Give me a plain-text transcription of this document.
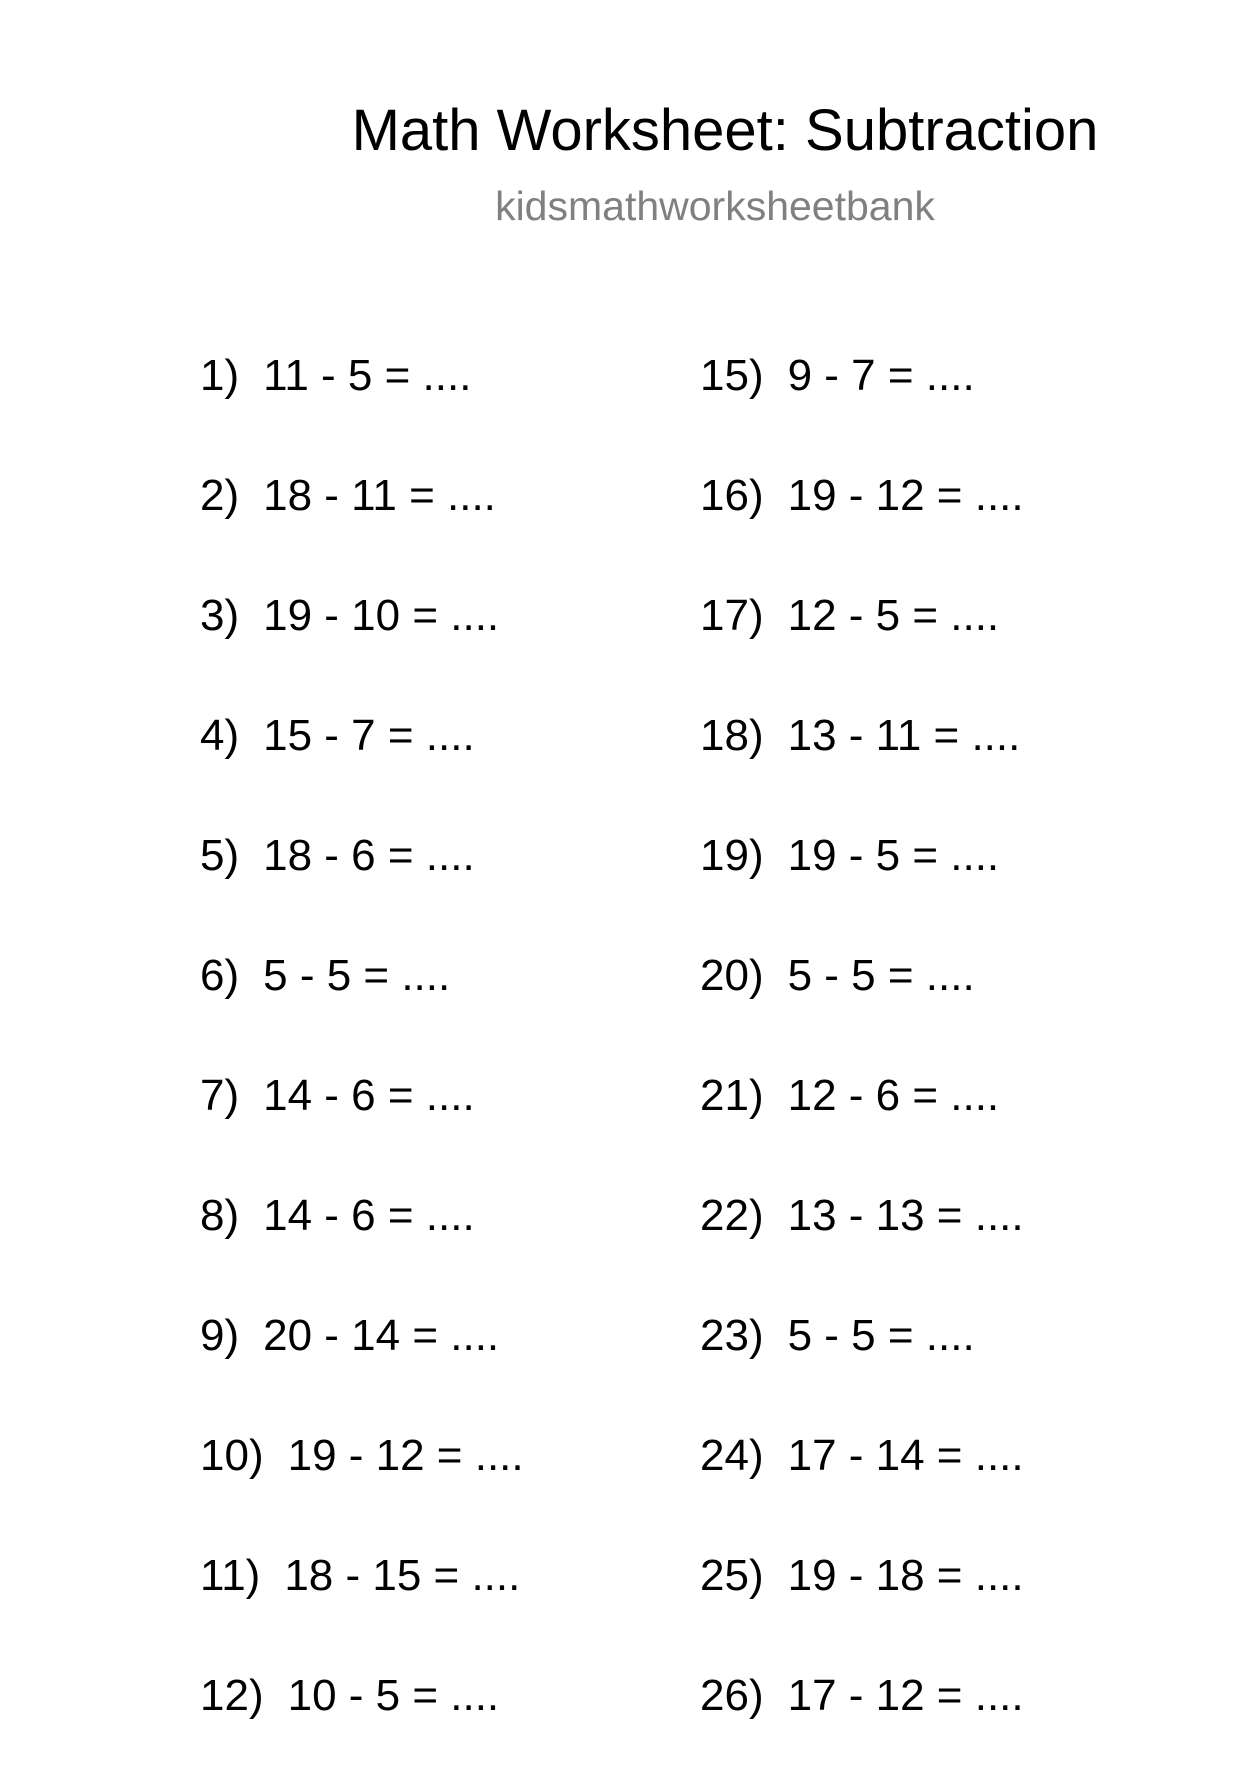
Math Worksheet: Subtraction
kidsmathworksheetbank
1) 11 - 5 = ....
2) 18 - 11 = ....
3) 19 - 10 = ....
4) 15 - 7 = ....
5) 18 - 6 = ....
6) 5 - 5 = ....
7) 14 - 6 = ....
8) 14 - 6 = ....
9) 20 - 14 = ....
10) 19 - 12 = ....
11) 18 - 15 = ....
12) 10 - 5 = ....
15) 9 - 7 = ....
16) 19 - 12 = ....
17) 12 - 5 = ....
18) 13 - 11 = ....
19) 19 - 5 = ....
20) 5 - 5 = ....
21) 12 - 6 = ....
22) 13 - 13 = ....
23) 5 - 5 = ....
24) 17 - 14 = ....
25) 19 - 18 = ....
26) 17 - 12 = ....
